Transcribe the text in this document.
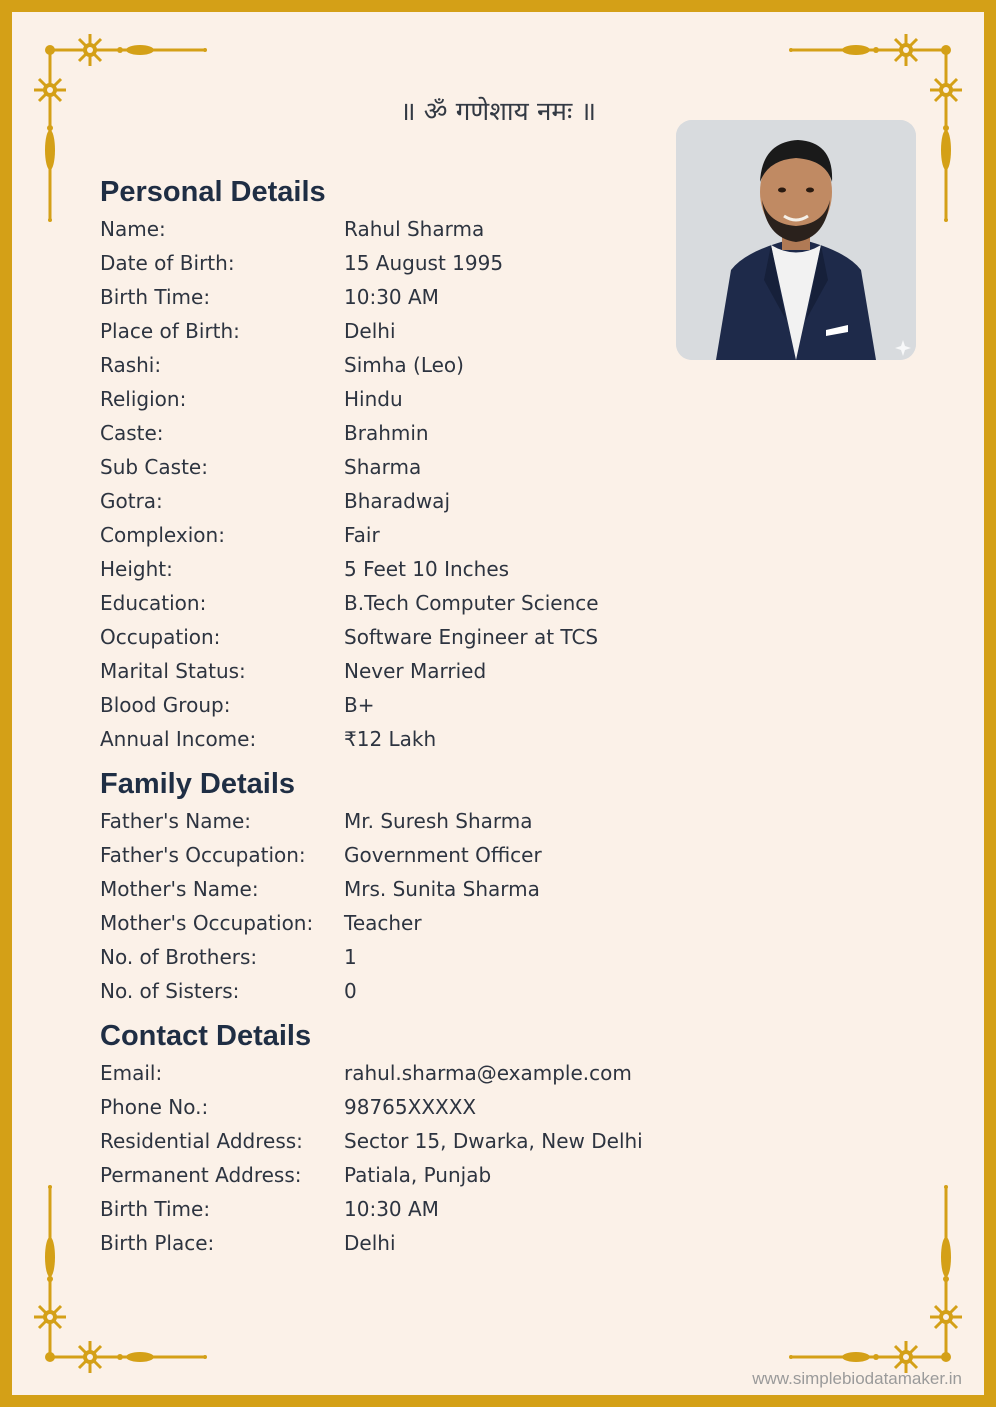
॥ ॐ गणेशाय नमः ॥
Personal Details
Name:	Rahul Sharma
Date of Birth:	15 August 1995
Birth Time:	10:30 AM
Place of Birth:	Delhi
Rashi:	Simha (Leo)
Religion:	Hindu
Caste:	Brahmin
Sub Caste:	Sharma
Gotra:	Bharadwaj
Complexion:	Fair
Height:	5 Feet 10 Inches
Education:	B.Tech Computer Science
Occupation:	Software Engineer at TCS
Marital Status:	Never Married
Blood Group:	B+
Annual Income:	₹12 Lakh
Family Details
Father's Name:	Mr. Suresh Sharma
Father's Occupation: Government Officer
Mother's Name:	Mrs. Sunita Sharma
Mother's Occupation: Teacher
No. of Brothers:	1
No. of Sisters:	0
Contact Details
Email:	rahul.sharma@example.com
Phone No.:	98765XXXXX
Residential Address: Sector 15, Dwarka, New Delhi
Permanent Address: Patiala, Punjab
Birth Time:	10:30 AM
Birth Place:	Delhi
www.simplebiodatamaker.in
